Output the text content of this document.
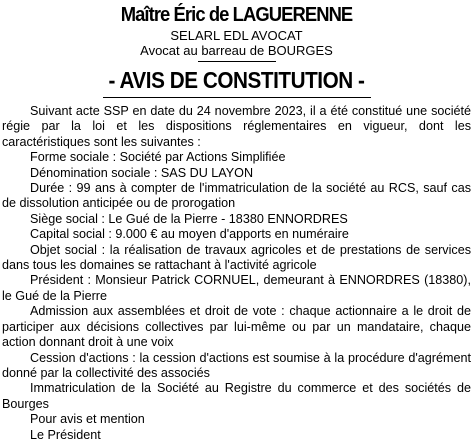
Maître Éric de LAGUERENNE
SELARL EDL AVOCAT
Avocat au barreau de BOURGES
- AVIS DE CONSTITUTION -

Suivant acte SSP en date du 24 novembre 2023, il a été constitué une société régie par la loi et les dispositions réglementaires en vigueur, dont les caractéristiques sont les suivantes :

Forme sociale : Société par Actions Simplifiée

Dénomination sociale : SAS DU LAYON

Durée : 99 ans à compter de l'immatriculation de la société au RCS, sauf cas de dissolution anticipée ou de prorogation

Siège social : Le Gué de la Pierre - 18380 ENNORDRES

Capital social : 9.000 € au moyen d'apports en numéraire

Objet social : la réalisation de travaux agricoles et de prestations de services dans tous les domaines se rattachant à l'activité agricole

Président : Monsieur Patrick CORNUEL, demeurant à ENNORDRES (18380), le Gué de la Pierre

Admission aux assemblées et droit de vote : chaque actionnaire a le droit de participer aux décisions collectives par lui-même ou par un mandataire, chaque action donnant droit à une voix

Cession d'actions : la cession d'actions est soumise à la procédure d'agrément donné par la collectivité des associés

Immatriculation de la Société au Registre du commerce et des sociétés de Bourges

Pour avis et mention

Le Président
